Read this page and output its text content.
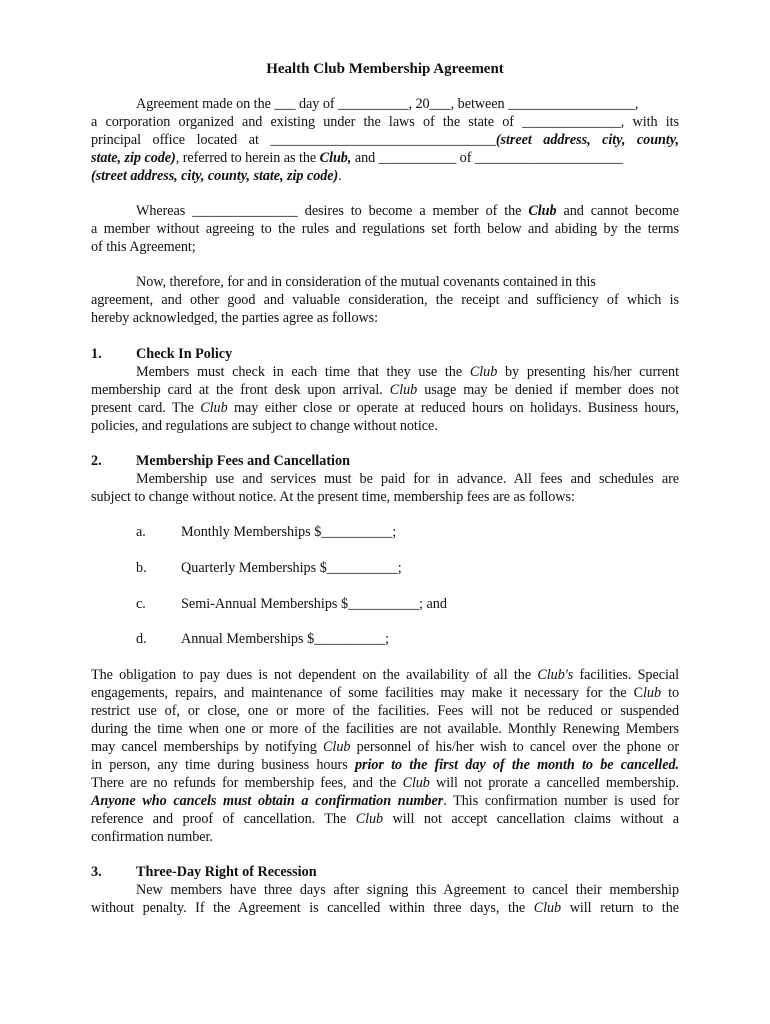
Health Club Membership Agreement
Agreement made on the ___ day of __________, 20___, between __________________,
a corporation organized and existing under the laws of the state of ______________, with its
principal office located at ________________________________(street address, city, county,
state, zip code), referred to herein as the Club, and ___________ of _____________________
(street address, city, county, state, zip code).
Whereas _______________ desires to become a member of the Club and cannot become
a member without agreeing to the rules and regulations set forth below and abiding by the terms
of this Agreement;
Now, therefore, for and in consideration of the mutual covenants contained in this
agreement, and other good and valuable consideration, the receipt and sufficiency of which is
hereby acknowledged, the parties agree as follows:
1. Check In Policy
Members must check in each time that they use the Club by presenting his/her current
membership card at the front desk upon arrival. Club usage may be denied if member does not
present card. The Club may either close or operate at reduced hours on holidays. Business hours,
policies, and regulations are subject to change without notice.
2. Membership Fees and Cancellation
Membership use and services must be paid for in advance. All fees and schedules are
subject to change without notice. At the present time, membership fees are as follows:
a. Monthly Memberships $__________;
b. Quarterly Memberships $__________;
c. Semi-Annual Memberships $__________; and
d. Annual Memberships $__________;
The obligation to pay dues is not dependent on the availability of all the Club's facilities. Special
engagements, repairs, and maintenance of some facilities may make it necessary for the Club to
restrict use of, or close, one or more of the facilities. Fees will not be reduced or suspended
during the time when one or more of the facilities are not available. Monthly Renewing Members
may cancel memberships by notifying Club personnel of his/her wish to cancel over the phone or
in person, any time during business hours prior to the first day of the month to be cancelled.
There are no refunds for membership fees, and the Club will not prorate a cancelled membership.
Anyone who cancels must obtain a confirmation number. This confirmation number is used for
reference and proof of cancellation. The Club will not accept cancellation claims without a
confirmation number.
3. Three-Day Right of Recession
New members have three days after signing this Agreement to cancel their membership
without penalty. If the Agreement is cancelled within three days, the Club will return to the
